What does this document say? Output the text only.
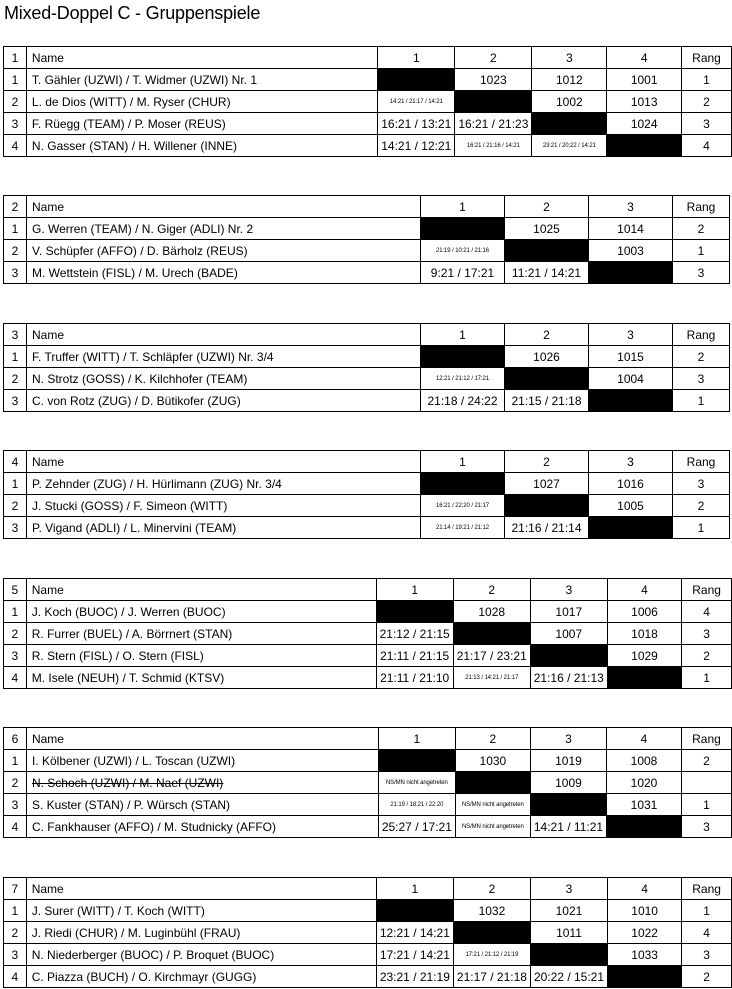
Mixed-Doppel C - Gruppenspiele
1	Name	1	2	3	4	Rang
1	T. Gähler (UZWI) / T. Widmer (UZWI) Nr. 1		1023	1012	1001	1
2	L. de Dios (WITT) / M. Ryser (CHUR)	14:21 / 21:17 / 14:21		1002	1013	2
3	F. Rüegg (TEAM) / P. Moser (REUS)	16:21 / 13:21	16:21 / 21:23		1024	3
4	N. Gasser (STAN) / H. Willener (INNE)	14:21 / 12:21	16:21 / 21:16 / 14:21	23:21 / 20:22 / 14:21		4
2	Name	1	2	3	Rang
1	G. Werren (TEAM) / N. Giger (ADLI) Nr. 2		1025	1014	2
2	V. Schüpfer (AFFO) / D. Bärholz (REUS)	21:19 / 10:21 / 21:16		1003	1
3	M. Wettstein (FISL) / M. Urech (BADE)	9:21 / 17:21	11:21 / 14:21		3
3	Name	1	2	3	Rang
1	F. Truffer (WITT) / T. Schläpfer (UZWI) Nr. 3/4		1026	1015	2
2	N. Strotz (GOSS) / K. Kilchhofer (TEAM)	12:21 / 21:12 / 17:21		1004	3
3	C. von Rotz (ZUG) / D. Bütikofer (ZUG)	21:18 / 24:22	21:15 / 21:18		1
4	Name	1	2	3	Rang
1	P. Zehnder (ZUG) / H. Hürlimann (ZUG) Nr. 3/4		1027	1016	3
2	J. Stucki (GOSS) / F. Simeon (WITT)	16:21 / 22:20 / 21:17		1005	2
3	P. Vigand (ADLI) / L. Minervini (TEAM)	21:14 / 19:21 / 21:12	21:16 / 21:14		1
5	Name	1	2	3	4	Rang
1	J. Koch (BUOC) / J. Werren (BUOC)		1028	1017	1006	4
2	R. Furrer (BUEL) / A. Börrnert (STAN)	21:12 / 21:15		1007	1018	3
3	R. Stern (FISL) / O. Stern (FISL)	21:11 / 21:15	21:17 / 23:21		1029	2
4	M. Isele (NEUH) / T. Schmid (KTSV)	21:11 / 21:10	21:13 / 14:21 / 21:17	21:16 / 21:13		1
6	Name	1	2	3	4	Rang
1	I. Kölbener (UZWI) / L. Toscan (UZWI)		1030	1019	1008	2
2	N. Schoch (UZWI) / M. Naef (UZWI)	NS/MN nicht angetreten		1009	1020	
3	S. Kuster (STAN) / P. Würsch (STAN)	21:19 / 18:21 / 22:20	NS/MN nicht angetreten		1031	1
4	C. Fankhauser (AFFO) / M. Studnicky (AFFO)	25:27 / 17:21	NS/MN nicht angetreten	14:21 / 11:21		3
7	Name	1	2	3	4	Rang
1	J. Surer (WITT) / T. Koch (WITT)		1032	1021	1010	1
2	J. Riedi (CHUR) / M. Luginbühl (FRAU)	12:21 / 14:21		1011	1022	4
3	N. Niederberger (BUOC) / P. Broquet (BUOC)	17:21 / 14:21	17:21 / 21:12 / 21:19		1033	3
4	C. Piazza (BUCH) / O. Kirchmayr (GUGG)	23:21 / 21:19	21:17 / 21:18	20:22 / 15:21		2
